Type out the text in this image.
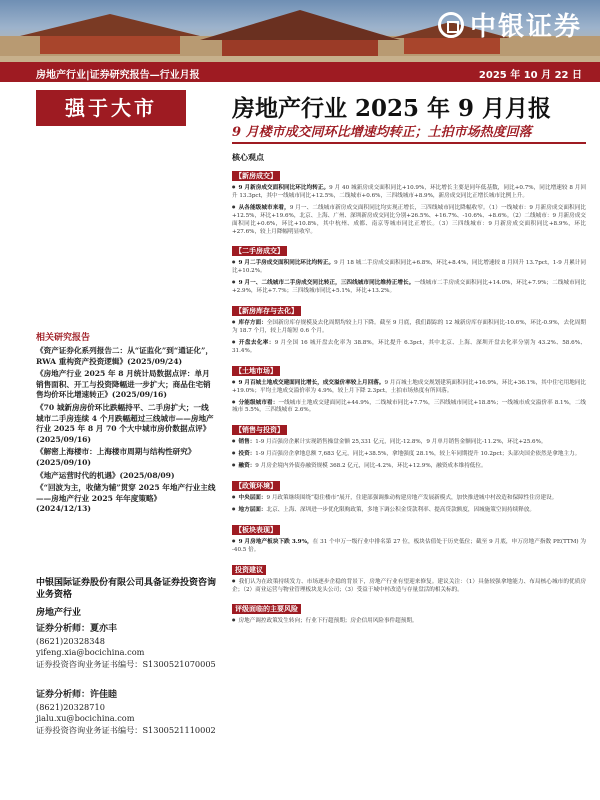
中银证券
房地产行业|证券研究报告—行业月报	2025 年 10 月 22 日
强于大市	房地产行业 2025 年 9 月月报
9 月楼市成交同环比增速均转正；土拍市场热度回落
相关研究报告
《资产证券化系列报告二：从“证监化”到“通证化”，RWA 重构资产投资逻辑》(2025/09/24)
《房地产行业 2025 年 8 月统计局数据点评：单月销售面积、开工与投资降幅进一步扩大；商品住宅销售均价环比增速转正》(2025/09/16)
《70 城新房房价环比跌幅持平、二手房扩大；一线城市二手房连续 4 个月跌幅超过三线城市——房地产行业 2025 年 8 月 70 个大中城市房价数据点评》(2025/09/16)
《解密上海楼市：上海楼市周期与结构性研究》(2025/09/10)
《地产运营时代的机遇》(2025/08/09)
《“回波为主，收储为辅”贯穿 2025 年地产行业主线——房地产行业 2025 年年度策略》(2024/12/13)
中银国际证券股份有限公司具备证券投资咨询业务资格
房地产行业
证券分析师：夏亦丰
(8621)20328348
yifeng.xia@bocichina.com
证券投资咨询业务证书编号：S1300521070005
证券分析师：许佳睦
(8621)20328710
jialu.xu@bocichina.com
证券投资咨询业务证书编号：S1300521110002
核心观点
【新房成交】
● 9 月新房成交面积同比环比均转正。9 月 40 城新房成交面积同比+10.9%，环比增长主要是同年低基数，同比+0.7%，同比增速较 8 月回升 13.3pct，其中一线城市同比+12.5%，二线城市+0.6%，三四线城市+8.9%，新房成交同比正增长城市比例上升。
● 从各能级城市来看，9 月一、二线城市新房成交面积同比均实现正增长，三四线城市同比降幅收窄。（1）一线城市：9 月新房成交面积同比+12.5%，环比+19.6%，北京、上海、广州、深圳新房成交同比分别+26.5%、+16.7%、-10.6%、+8.6%。（2）二线城市：9 月新房成交面积同比+0.6%，环比+10.8%，其中杭州、成都、南京等城市同比正增长。（3）三四线城市：9 月新房成交面积同比+8.9%，环比+27.6%，较上月降幅明显收窄。
【二手房成交】
● 9 月二手房成交面积同比环比均转正。9 月 18 城二手房成交面积同比+6.8%，环比+8.4%，同比增速较 8 月回升 13.7pct，1-9 月累计同比+10.2%。
● 9 月一、二线城市二手房成交同比转正，三四线城市同比维持正增长。一线城市二手房成交面积同比+14.0%，环比+7.9%；二线城市同比+2.9%，环比+7.7%；三四线城市同比+5.1%，环比+13.2%。
【新房库存与去化】
● 库存方面：全国新房库存规模及去化周期均较上月下降。截至 9 月底，我们跟踪的 12 城新房库存面积同比-10.6%，环比-0.9%，去化周期为 18.7 个月，较上月缩短 0.6 个月。
● 开盘去化率：9 月全国 16 城开盘去化率为 38.8%，环比提升 6.3pct，其中北京、上海、深圳开盘去化率分别为 43.2%、58.6%、31.4%。
【土地市场】
● 9 月百城土地成交建面同比增长，成交溢价率较上月回落。9 月百城土地成交规划建筑面积同比+16.9%，环比+36.1%，其中住宅用地同比+19.0%；平均土地成交溢价率为 4.9%，较上月下降 2.3pct，土拍市场热度有所回落。
● 分能级城市看：一线城市土地成交建面同比+44.9%，二线城市同比+7.7%，三四线城市同比+18.8%；一线城市成交溢价率 8.1%，二线城市 5.5%，三四线城市 2.6%。
【销售与投资】
● 销售：1-9 月百强房企累计实现销售操盘金额 25,331 亿元，同比-12.8%，9 月单月销售金额同比-11.2%，环比+25.6%。
● 投资：1-9 月百强房企拿地总额 7,683 亿元，同比+38.5%，拿地强度 28.1%，较上年同期提升 10.2pct；头部央国企依然是拿地主力。
● 融资：9 月房企境内外债券融资规模 368.2 亿元，同比-4.2%，环比+12.9%，融资成本维持低位。
【政策环境】
● 中央层面：9 月政策继续围绕“稳住楼市”展开，住建部强调推动构建房地产发展新模式，加快推进城中村改造和保障性住房建设。
● 地方层面：北京、上海、深圳进一步优化限购政策，多地下调公积金贷款利率、提高贷款额度，因城施策空间持续释放。
【板块表现】
● 9 月房地产板块下跌 3.9%，在 31 个申万一级行业中排名第 27 位，板块估值处于历史低位；截至 9 月底，申万房地产指数 PE(TTM) 为 -40.5 倍。
投资建议
● 我们认为在政策持续发力、市场逐步企稳的背景下，房地产行业有望迎来修复。建议关注：（1）具备较强拿地能力、布局核心城市的优质房企；（2）商业运营与物业管理板块龙头公司；（3）受益于城中村改造与存量盘活的相关标的。
评级面临的主要风险
● 房地产调控政策发生转向；行业下行超预期；房企信用风险事件超预期。
